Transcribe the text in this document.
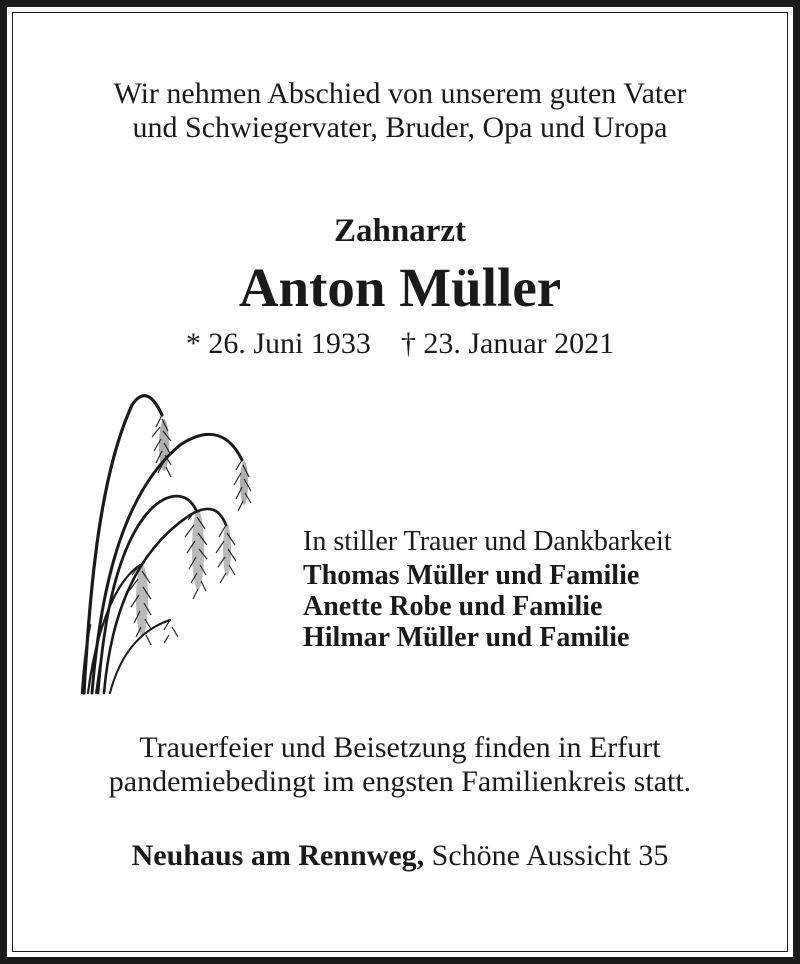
Wir nehmen Abschied von unserem guten Vater
und Schwiegervater, Bruder, Opa und Uropa
Zahnarzt
Anton Müller
* 26. Juni 1933 † 23. Januar 2021
In stiller Trauer und Dankbarkeit
Thomas Müller und Familie
Anette Robe und Familie
Hilmar Müller und Familie
Trauerfeier und Beisetzung finden in Erfurt
pandemiebedingt im engsten Familienkreis statt.
Neuhaus am Rennweg, Schöne Aussicht 35
